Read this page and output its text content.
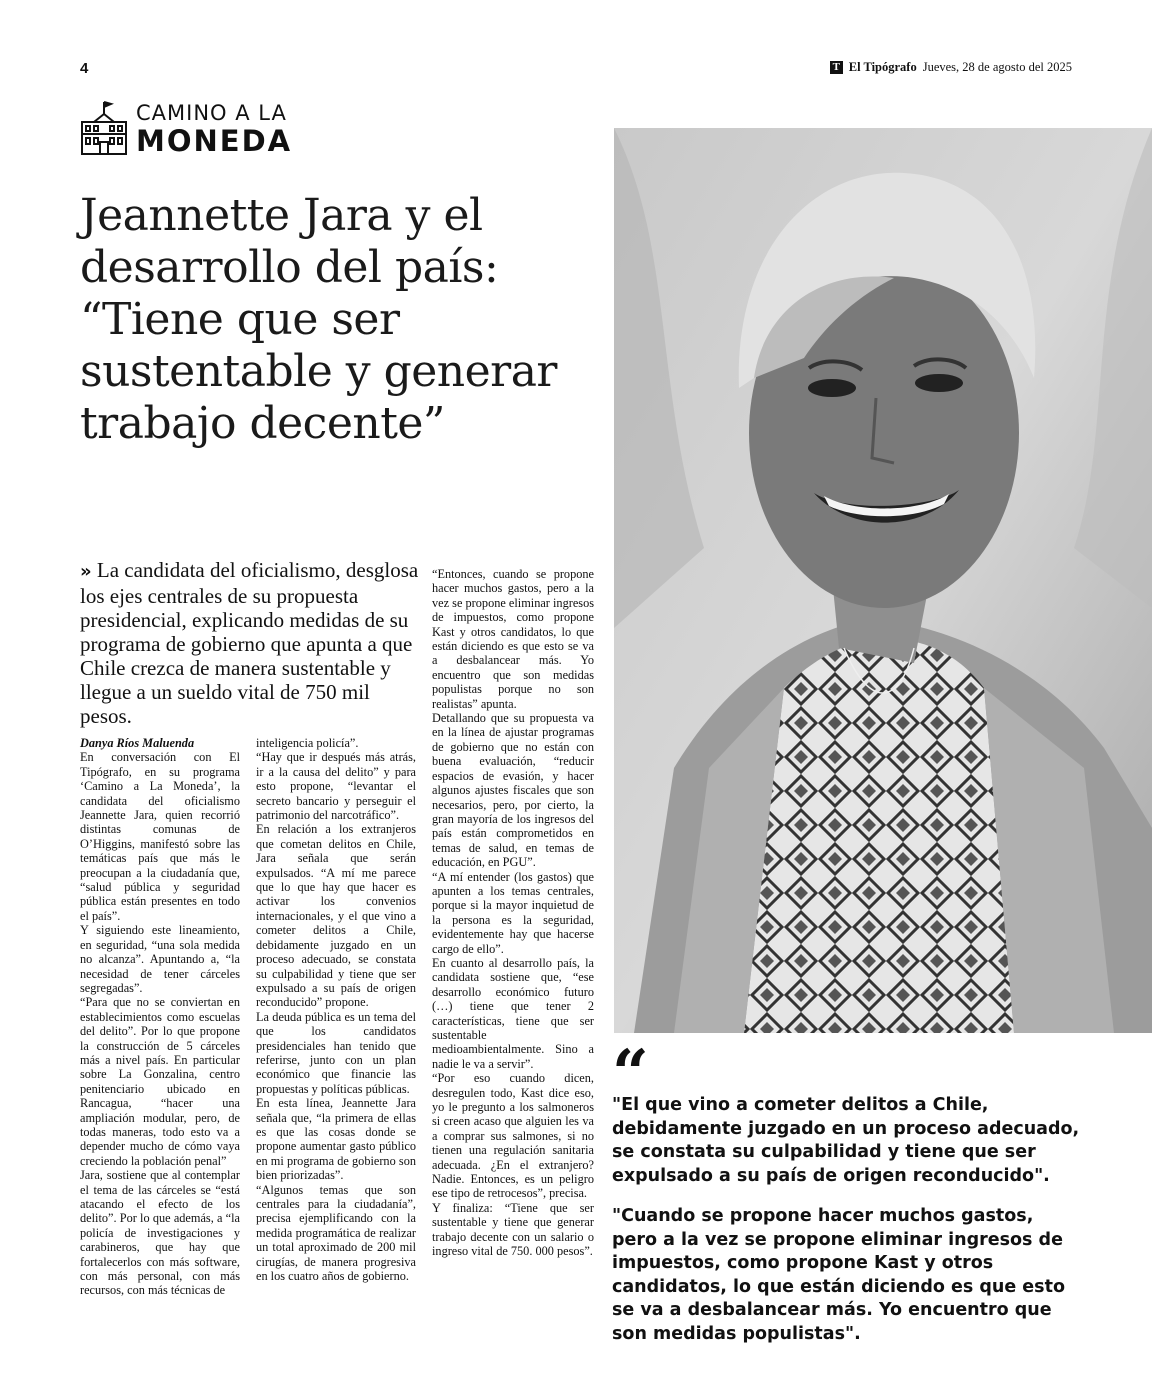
4	T El Tipógrafo Jueves, 28 de agosto del 2025
CAMINO A LA
MONEDA
Jeannette Jara y el desarrollo del país: “Tiene que ser sustentable y generar trabajo decente”
» La candidata del oficialismo, desglosa los ejes centrales de su propuesta presidencial, explicando medidas de su programa de gobierno que apunta a que Chile crezca de manera sustentable y llegue a un sueldo vital de 750 mil pesos.

Danya Ríos Maluenda

En conversación con El Tipógrafo, en su programa ‘Camino a La Moneda’, la candidata del oficialismo Jeannette Jara, quien recorrió distintas comunas de O’Higgins, manifestó sobre las temáticas país que más le preocupan a la ciudadanía que, “salud pública y seguridad pública están presentes en todo el país”.

Y siguiendo este lineamiento, en seguridad, “una sola medida no alcanza”. Apuntando a, “la necesidad de tener cárceles segregadas”.

“Para que no se conviertan en establecimientos como escuelas del delito”. Por lo que propone la construcción de 5 cárceles más a nivel país. En particular sobre La Gonzalina, centro penitenciario ubicado en Rancagua, “hacer una ampliación modular, pero, de todas maneras, todo esto va a depender mucho de cómo vaya creciendo la población penal”

Jara, sostiene que al contemplar el tema de las cárceles se “está atacando el efecto de los delito”. Por lo que además, a “la policía de investigaciones y carabineros, que hay que fortalecerlos con más software, con más personal, con más recursos, con más técnicas de

inteligencia policía”.

“Hay que ir después más atrás, ir a la causa del delito” y para esto propone, “levantar el secreto bancario y perseguir el patrimonio del narcotráfico”.

En relación a los extranjeros que cometan delitos en Chile, Jara señala que serán expulsados. “A mí me parece que lo que hay que hacer es activar los convenios internacionales, y el que vino a cometer delitos a Chile, debidamente juzgado en un proceso adecuado, se constata su culpabilidad y tiene que ser expulsado a su país de origen reconducido” propone.

La deuda pública es un tema del que los candidatos presidenciales han tenido que referirse, junto con un plan económico que financie las propuestas y políticas públicas.

En esta línea, Jeannette Jara señala que, “la primera de ellas es que las cosas donde se propone aumentar gasto público en mi programa de gobierno son bien priorizadas”.

“Algunos temas que son centrales para la ciudadanía”, precisa ejemplificando con la medida programática de realizar un total aproximado de 200 mil cirugías, de manera progresiva en los cuatro años de gobierno.

“Entonces, cuando se propone hacer muchos gastos, pero a la vez se propone eliminar ingresos de impuestos, como propone Kast y otros candidatos, lo que están diciendo es que esto se va a desbalancear más. Yo encuentro que son medidas populistas porque no son realistas” apunta.

Detallando que su propuesta va en la línea de ajustar programas de gobierno que no están con buena evaluación, “reducir espacios de evasión, y hacer algunos ajustes fiscales que son necesarios, pero, por cierto, la gran mayoría de los ingresos del país están comprometidos en temas de salud, en temas de educación, en PGU”.

“A mí entender (los gastos) que apunten a los temas centrales, porque si la mayor inquietud de la persona es la seguridad, evidentemente hay que hacerse cargo de ello”.

En cuanto al desarrollo país, la candidata sostiene que, “ese desarrollo económico futuro (…) tiene que tener 2 características, tiene que ser sustentable medioambientalmente. Sino a nadie le va a servir”.

“Por eso cuando dicen, desregulen todo, Kast dice eso, yo le pregunto a los salmoneros si creen acaso que alguien les va a comprar sus salmones, si no tienen una regulación sanitaria adecuada. ¿En el extranjero? Nadie. Entonces, es un peligro ese tipo de retrocesos”, precisa.

Y finaliza: “Tiene que ser sustentable y tiene que generar trabajo decente con un salario o ingreso vital de 750. 000 pesos”.

“
"El que vino a cometer delitos a Chile, debidamente juzgado en un proceso adecuado, se constata su culpabilidad y tiene que ser expulsado a su país de origen reconducido".
"Cuando se propone hacer muchos gastos, pero a la vez se propone eliminar ingresos de impuestos, como propone Kast y otros candidatos, lo que están diciendo es que esto se va a desbalancear más. Yo encuentro que son medidas populistas".
